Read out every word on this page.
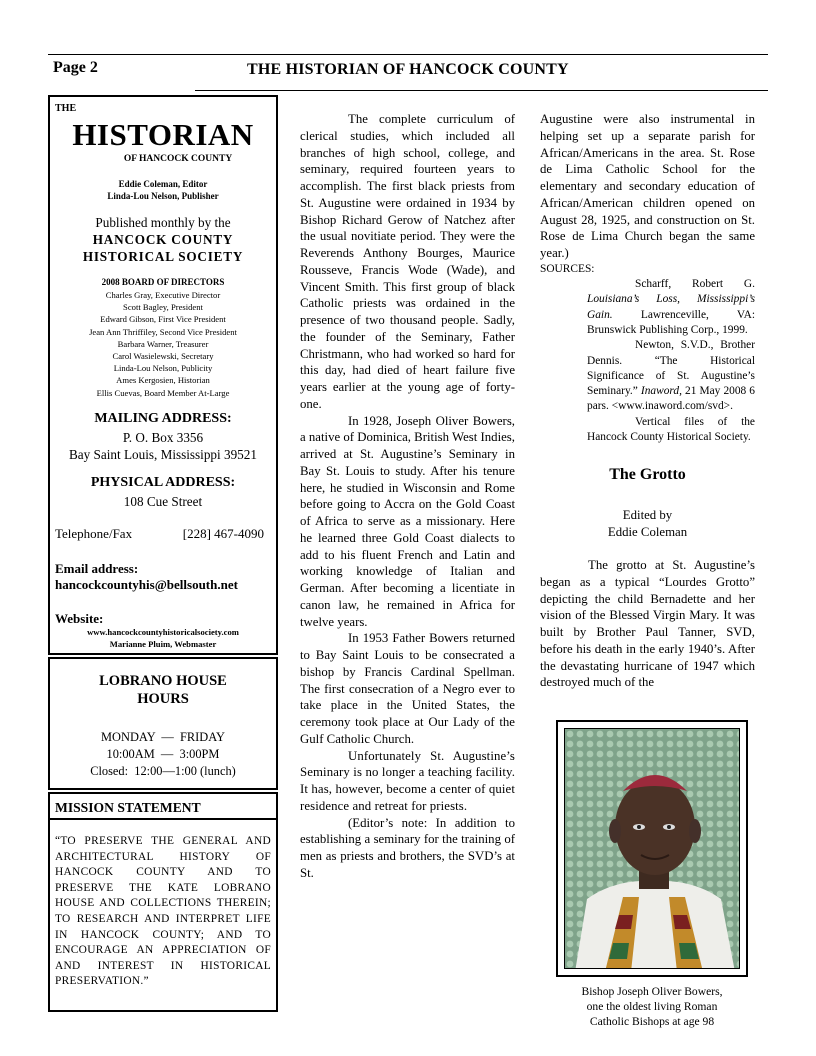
Page 2	THE HISTORIAN OF HANCOCK COUNTY
THE
HISTORIAN
OF HANCOCK COUNTY
Eddie Coleman, Editor
Linda-Lou Nelson, Publisher
Published monthly by the
HANCOCK COUNTY
HISTORICAL SOCIETY
2008 BOARD OF DIRECTORS
Charles Gray, Executive Director
Scott Bagley, President
Edward Gibson, First Vice President
Jean Ann Thriffiley, Second Vice President
Barbara Warner, Treasurer
Carol Wasielewski, Secretary
Linda-Lou Nelson, Publicity
Ames Kergosien, Historian
Ellis Cuevas, Board Member At-Large
MAILING ADDRESS:
P. O. Box 3356
Bay Saint Louis, Mississippi 39521
PHYSICAL ADDRESS:
108 Cue Street
Telephone/Fax	[228] 467-4090
Email address:
hancockcountyhis@bellsouth.net
Website:
www.hancockcountyhistoricalsociety.com
Marianne Pluim, Webmaster
LOBRANO HOUSE
HOURS
MONDAY  —  FRIDAY
10:00AM  —  3:00PM
Closed:  12:00—1:00 (lunch)
MISSION STATEMENT
“TO PRESERVE THE GENERAL AND ARCHITECTURAL HISTORY OF HANCOCK COUNTY AND TO PRESERVE THE KATE LOBRANO HOUSE AND COLLECTIONS THEREIN; TO RESEARCH AND INTERPRET LIFE IN HANCOCK COUNTY; AND TO ENCOURAGE AN APPRECIATION OF AND INTEREST IN HISTORICAL PRESERVATION.”

The complete curriculum of clerical studies, which included all branches of high school, college, and seminary, required fourteen years to accomplish. The first black priests from St. Augustine were ordained in 1934 by Bishop Richard Gerow of Natchez after the usual novitiate period. They were the Reverends Anthony Bourges, Maurice Rousseve, Francis Wode (Wade), and Vincent Smith. This first group of black Catholic priests was ordained in the presence of two thousand people. Sadly, the founder of the Seminary, Father Christmann, who had worked so hard for this day, had died of heart failure five years earlier at the young age of forty-one.

In 1928, Joseph Oliver Bowers, a native of Dominica, British West Indies, arrived at St. Augustine’s Seminary in Bay St. Louis to study. After his tenure here, he studied in Wisconsin and Rome before going to Accra on the Gold Coast of Africa to serve as a missionary. Here he learned three Gold Coast dialects to add to his fluent French and Latin and working knowledge of Italian and German. After becoming a licentiate in canon law, he remained in Africa for twelve years.

In 1953 Father Bowers returned to Bay Saint Louis to be consecrated a bishop by Francis Cardinal Spellman. The first consecration of a Negro ever to take place in the United States, the ceremony took place at Our Lady of the Gulf Catholic Church.

Unfortunately St. Augustine’s Seminary is no longer a teaching facility. It has, however, become a center of quiet residence and retreat for priests.

(Editor’s note: In addition to establishing a seminary for the training of men as priests and brothers, the SVD’s at St.

Augustine were also instrumental in helping set up a separate parish for African/Americans in the area. St. Rose de Lima Catholic School for the elementary and secondary education of African/American children opened on August 28, 1925, and construction on St. Rose de Lima Church began the same year.)

SOURCES:

Scharff, Robert G. Louisiana’s Loss, Mississippi’s Gain. Lawrenceville, VA: Brunswick Publishing Corp., 1999.

Newton, S.V.D., Brother Dennis. “The Historical Significance of St. Augustine’s Seminary.” Inaword, 21 May 2008 6 pars. <www.inaword.com/svd>.

Vertical files of the Hancock County Historical Society.

The Grotto
Edited by
Eddie Coleman

The grotto at St. Augustine’s began as a typical “Lourdes Grotto” depicting the child Bernadette and her vision of the Blessed Virgin Mary. It was built by Brother Paul Tanner, SVD, before his death in the early 1940’s. After the devastating hurricane of 1947 which destroyed much of the

Bishop Joseph Oliver Bowers,
one the oldest living Roman
Catholic Bishops at age 98
